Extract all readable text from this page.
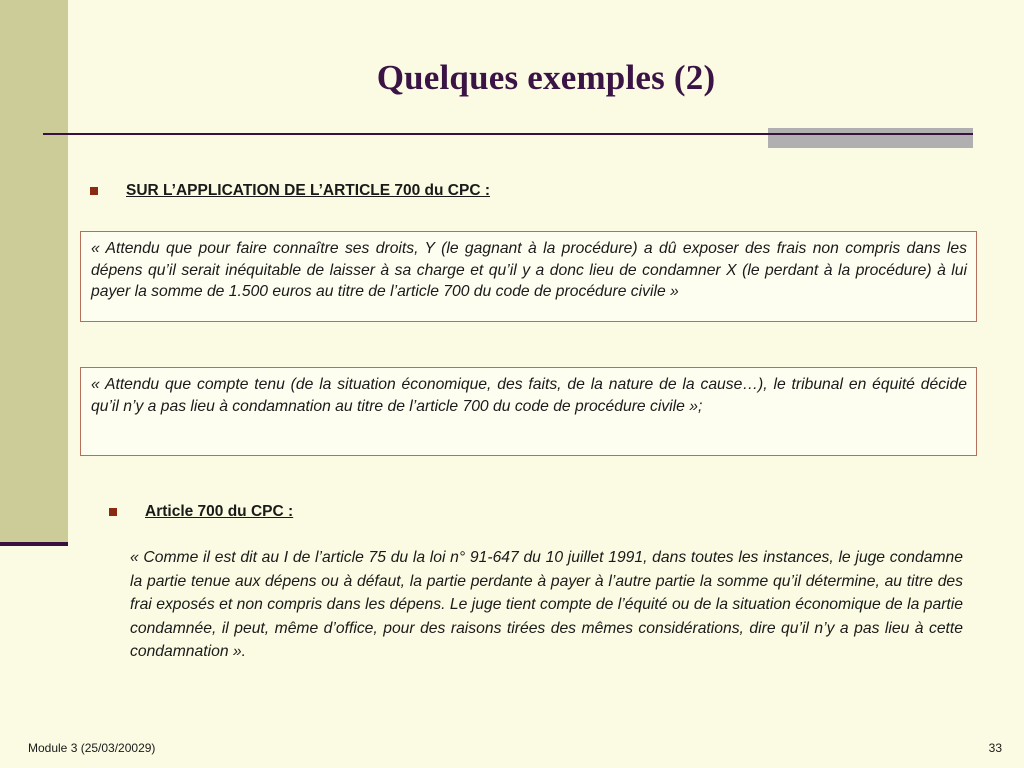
Quelques exemples (2)
SUR L’APPLICATION DE L’ARTICLE 700 du CPC :
« Attendu que pour faire connaître ses droits, Y (le gagnant à la procédure) a dû exposer des frais non compris dans les dépens qu’il serait inéquitable de laisser à sa charge et qu’il y a donc lieu de condamner X (le perdant à la procédure) à lui payer la somme de 1.500 euros au titre de l’article 700 du code de procédure civile »
« Attendu que compte tenu (de la situation économique, des faits, de la nature de la cause…), le tribunal en équité décide qu’il n’y a pas lieu à condamnation au titre de l’article 700 du code de procédure civile »;
Article 700 du CPC :
« Comme il est dit au I de l’article 75 du la loi n° 91-647 du 10 juillet 1991, dans toutes les instances, le juge condamne la partie tenue aux dépens ou à défaut, la partie perdante à payer à l’autre partie la somme qu’il détermine, au titre des frai exposés et non compris dans les dépens. Le juge tient compte de l’équité ou de la situation économique de la partie condamnée, il peut, même d’office, pour des raisons tirées des mêmes considérations, dire qu’il n’y a pas lieu à cette condamnation ».
Module 3 (25/03/20029)	33
